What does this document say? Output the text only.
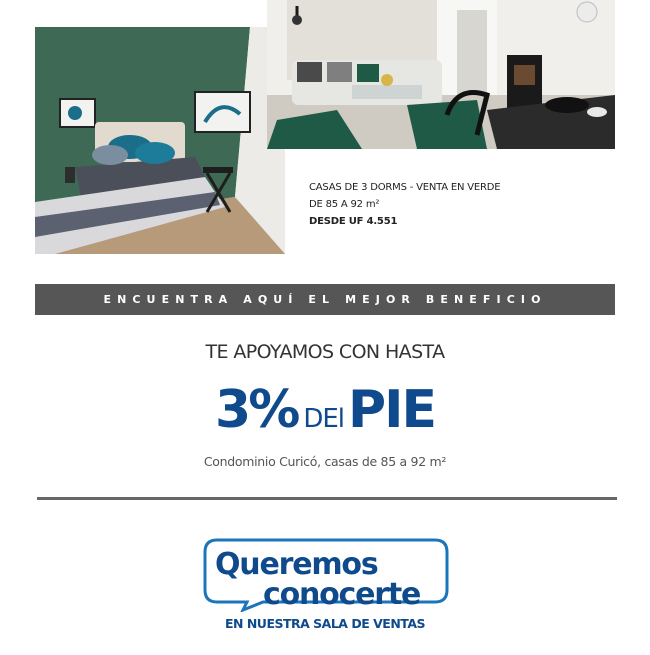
CASAS DE 3 DORMS - VENTA EN VERDE
DE 85 A 92 m²
DESDE UF 4.551
ENCUENTRA AQUÍ EL MEJOR BENEFICIO
TE APOYAMOS CON HASTA
3% DElPIE
Condominio Curicó, casas de 85 a 92 m²
Queremos
conocerte
EN NUESTRA SALA DE VENTAS
